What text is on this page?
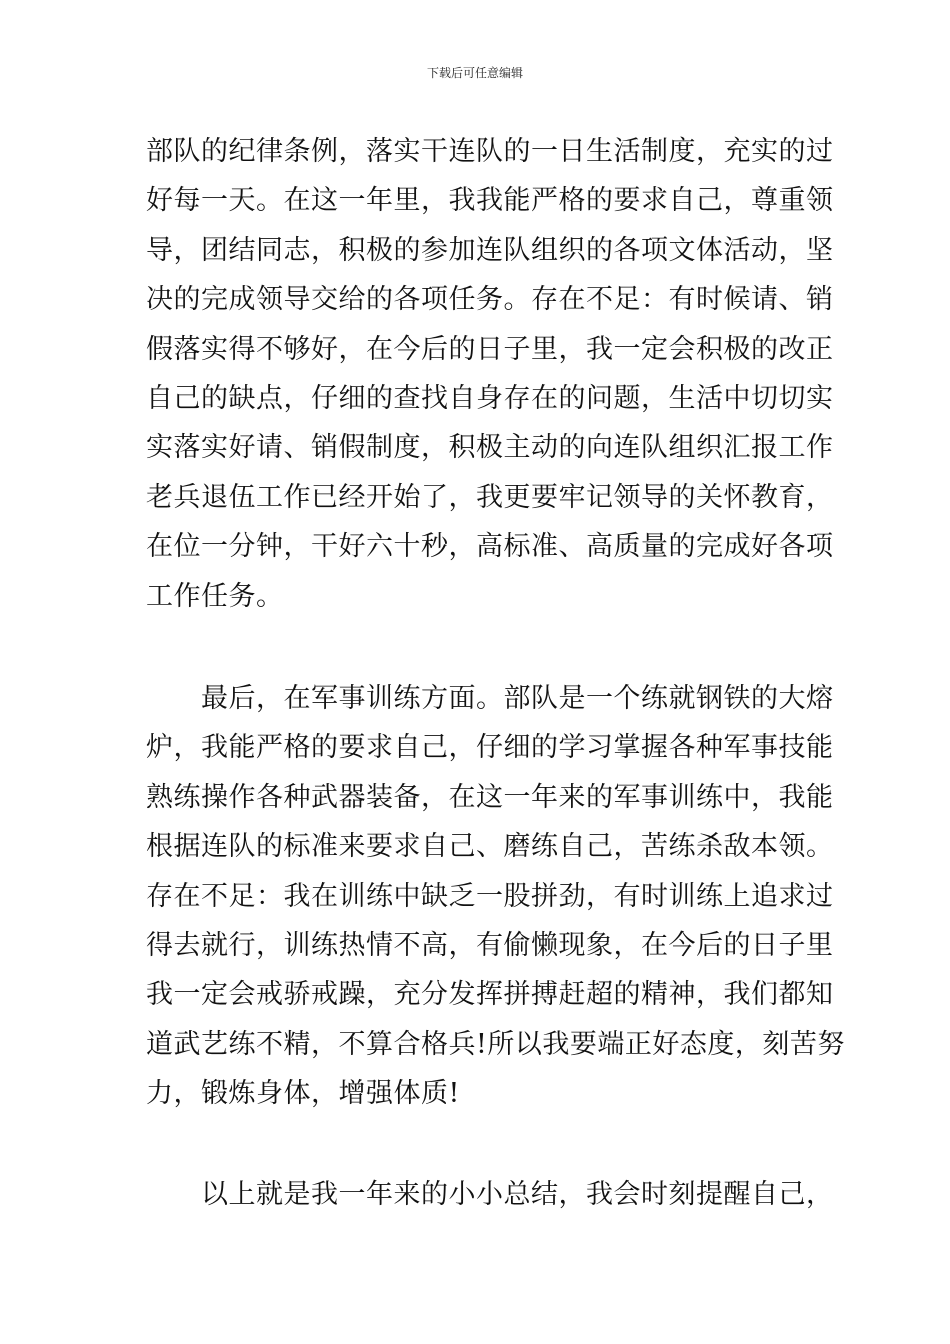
下载后可任意编辑

部队的纪律条例，落实干连队的一日生活制度，充实的过
好每一天。在这一年里，我我能严格的要求自己，尊重领
导，团结同志，积极的参加连队组织的各项文体活动，坚
决的完成领导交给的各项任务。存在不足：有时候请、销
假落实得不够好，在今后的日子里，我一定会积极的改正
自己的缺点，仔细的查找自身存在的问题，生活中切切实
实落实好请、销假制度，积极主动的向连队组织汇报工作
老兵退伍工作已经开始了，我更要牢记领导的关怀教育，
在位一分钟，干好六十秒，高标准、高质量的完成好各项
工作任务。

　　最后，在军事训练方面。部队是一个练就钢铁的大熔
炉，我能严格的要求自己，仔细的学习掌握各种军事技能
熟练操作各种武器装备，在这一年来的军事训练中，我能
根据连队的标准来要求自己、磨练自己，苦练杀敌本领。
存在不足：我在训练中缺乏一股拼劲，有时训练上追求过
得去就行，训练热情不高，有偷懒现象，在今后的日子里
我一定会戒骄戒躁，充分发挥拼搏赶超的精神，我们都知
道武艺练不精，不算合格兵!所以我要端正好态度，刻苦努
力，锻炼身体，增强体质!

　　以上就是我一年来的小小总结，我会时刻提醒自己，
